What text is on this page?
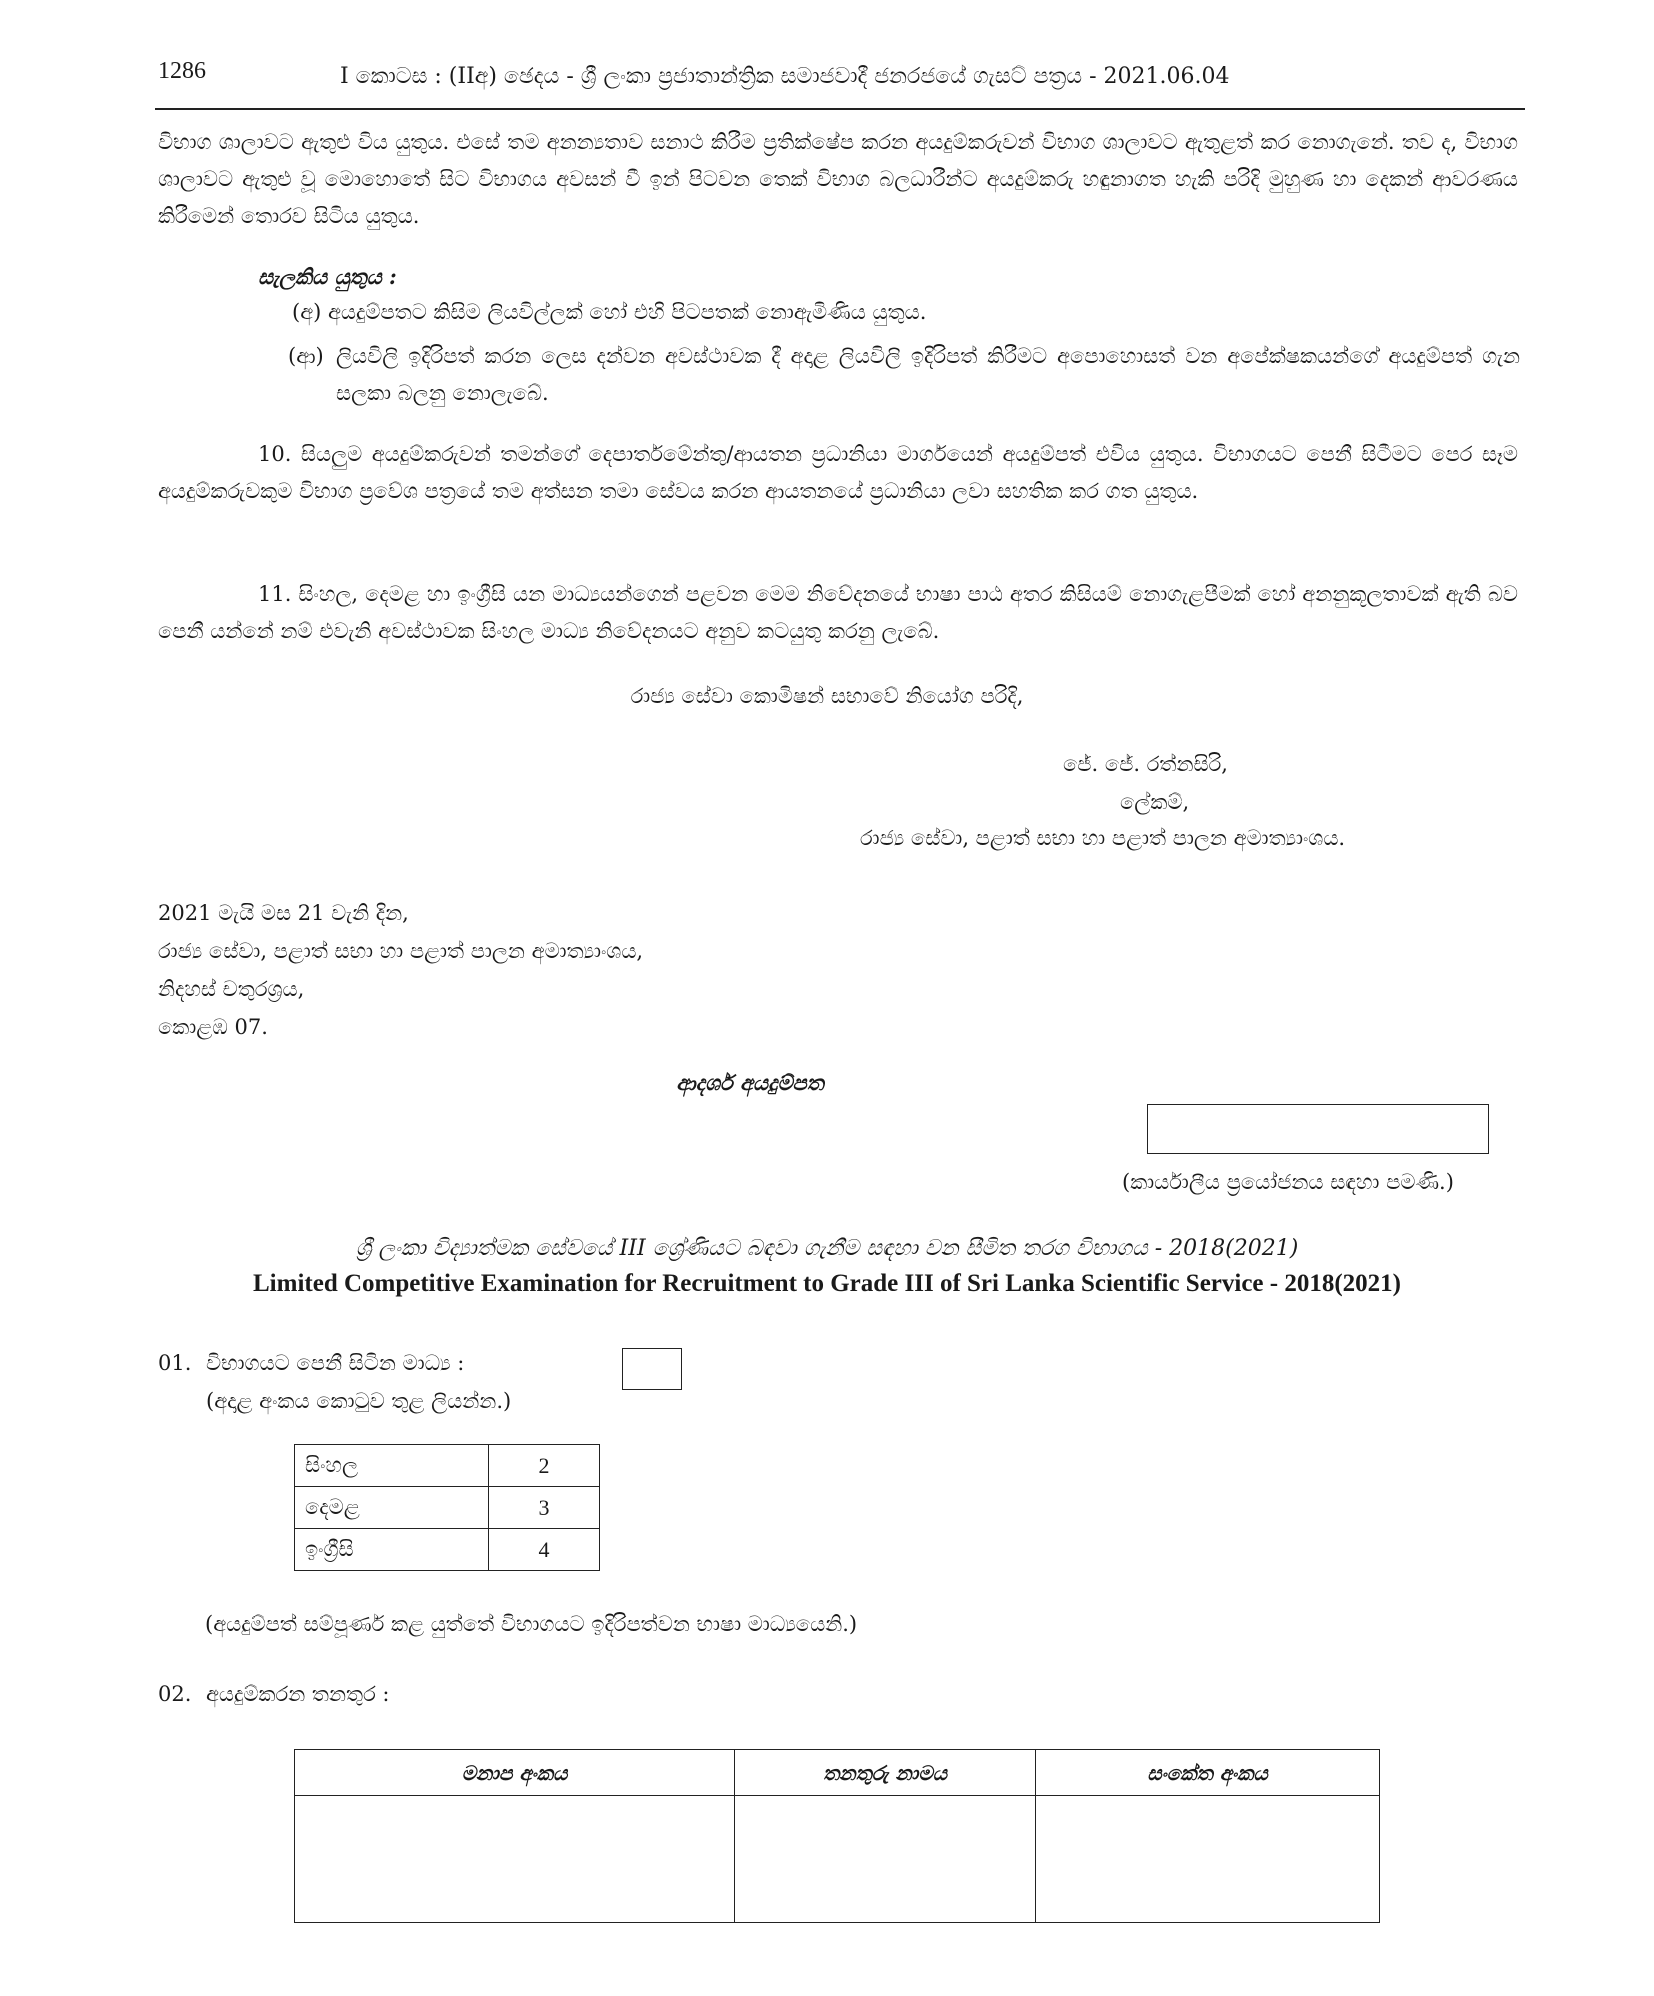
1286	I කොටස : (IIඅ) ඡෙදය - ශ්‍රී ලංකා ප්‍රජාතාන්ත්‍රික සමාජවාදී ජනරජයේ ගැසට් පත්‍රය - 2021.06.04
විභාග ශාලාවට ඇතුළු විය යුතුය. එසේ තම අනන්‍යතාව සනාථ කිරීම ප්‍රතික්ෂේප කරන අයදුම්කරුවන් විභාග ශාලාවට ඇතුළත් කර නොගැනේ. තව ද, විභාග ශාලාවට ඇතුළු වූ මොහොතේ සිට විභාගය අවසන් වී ඉන් පිටවන තෙක් විභාග බලධාරීන්ට අයදුම්කරු හඳුනාගත හැකි පරිදි මුහුණ හා දෙකන් ආවරණය කිරීමෙන් තොරව සිටිය යුතුය.
සැලකිය යුතුය :
(අ) අයදුම්පතට කිසිම ලියවිල්ලක් හෝ එහි පිටපතක් නොඇමිණිය යුතුය.
(ආ) ලියවිලි ඉදිරිපත් කරන ලෙස දන්වන අවස්ථාවක දී අදාළ ලියවිලි ඉදිරිපත් කිරීමට අපොහොසත් වන අපේක්ෂකයන්ගේ අයදුම්පත් ගැන සලකා බලනු නොලැබේ.
10. සියලුම අයදුම්කරුවන් තමන්ගේ දෙපාර්තමේන්තු/ආයතන ප්‍රධානියා මාර්ගයෙන් අයදුම්පත් එවිය යුතුය. විභාගයට පෙනී සිටීමට පෙර සෑම අයදුම්කරුවකුම විභාග ප්‍රවේශ පත්‍රයේ තම අත්සන තමා සේවය කරන ආයතනයේ ප්‍රධානියා ලවා සහතික කර ගත යුතුය.
11. සිංහල, දෙමළ හා ඉංග්‍රීසි යන මාධ්‍යයන්ගෙන් පළවන මෙම නිවේදනයේ භාෂා පාඨ අතර කිසියම් නොගැළපීමක් හෝ අනනුකූලතාවක් ඇති බව පෙනී යන්නේ නම් එවැනි අවස්ථාවක සිංහල මාධ්‍ය නිවේදනයට අනුව කටයුතු කරනු ලැබේ.
රාජ්‍ය සේවා කොමිෂන් සභාවේ නියෝග පරිදි,
ජේ. ජේ. රත්නසිරි,
ලේකම්,
රාජ්‍ය සේවා, පළාත් සභා හා පළාත් පාලන අමාත්‍යාංශය.
2021 මැයි මස 21 වැනි දින,
රාජ්‍ය සේවා, පළාත් සභා හා පළාත් පාලන අමාත්‍යාංශය,
නිදහස් චතුරශ්‍රය,
කොළඹ 07.
ආදර්ශ අයදුම්පත
(කාර්යාලීය ප්‍රයෝජනය සඳහා පමණි.)
ශ්‍රී ලංකා විද්‍යාත්මක සේවයේ III ශ්‍රේණියට බඳවා ගැනීම සඳහා වන සීමිත තරග විභාගය - 2018(2021)
Limited Competitive Examination for Recruitment to Grade III of Sri Lanka Scientific Service - 2018(2021)
01. විභාගයට පෙනී සිටින මාධ්‍ය :
(අදාළ අංකය කොටුව තුළ ලියන්න.)
සිංහල	2
දෙමළ	3
ඉංග්‍රීසි	4
(අයදුම්පත් සම්පූර්ණ කළ යුත්තේ විභාගයට ඉදිරිපත්වන භාෂා මාධ්‍යයෙනි.)
02. අයදුම්කරන තනතුර :
මනාප අංකය	තනතුරු නාමය	සංකේත අංකය
